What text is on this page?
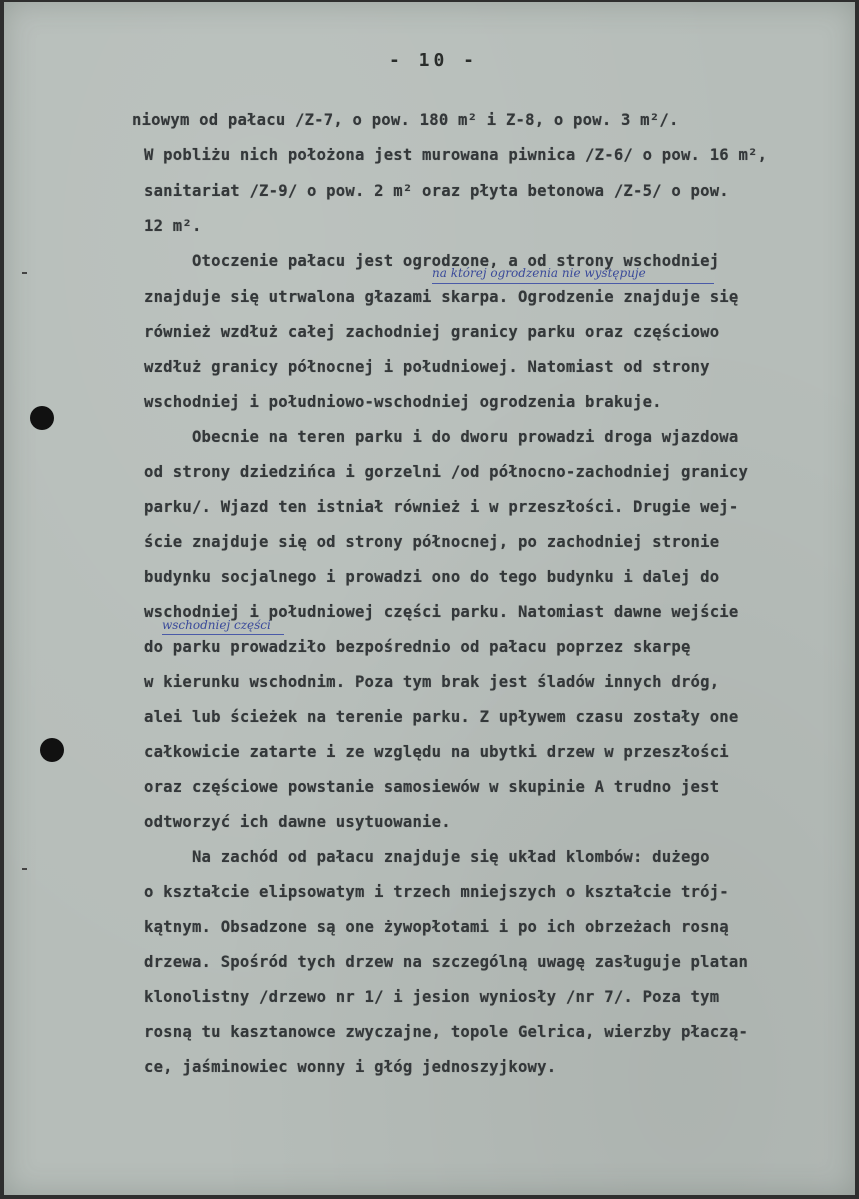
- 10 -
niowym od pałacu /Z-7, o pow. 180 m² i Z-8, o pow. 3 m²/.
W pobliżu nich położona jest murowana piwnica /Z-6/ o pow. 16 m²,
sanitariat /Z-9/ o pow. 2 m² oraz płyta betonowa /Z-5/ o pow.
12 m².
Otoczenie pałacu jest ogrodzone, a od strony wschodniej
na której ogrodzenia nie występuje
znajduje się utrwalona głazami skarpa. Ogrodzenie znajduje się
również wzdłuż całej zachodniej granicy parku oraz częściowo
wzdłuż granicy północnej i południowej. Natomiast od strony
wschodniej i południowo-wschodniej ogrodzenia brakuje.
Obecnie na teren parku i do dworu prowadzi droga wjazdowa
od strony dziedzińca i gorzelni /od północno-zachodniej granicy
parku/. Wjazd ten istniał również i w przeszłości. Drugie wej-
ście znajduje się od strony północnej, po zachodniej stronie
budynku socjalnego i prowadzi ono do tego budynku i dalej do
wschodniej i południowej części parku. Natomiast dawne wejście
wschodniej części
do parku prowadziło bezpośrednio od pałacu poprzez skarpę
w kierunku wschodnim. Poza tym brak jest śladów innych dróg,
alei lub ścieżek na terenie parku. Z upływem czasu zostały one
całkowicie zatarte i ze względu na ubytki drzew w przeszłości
oraz częściowe powstanie samosiewów w skupinie A trudno jest
odtworzyć ich dawne usytuowanie.
Na zachód od pałacu znajduje się układ klombów: dużego
o kształcie elipsowatym i trzech mniejszych o kształcie trój-
kątnym. Obsadzone są one żywopłotami i po ich obrzeżach rosną
drzewa. Spośród tych drzew na szczególną uwagę zasługuje platan
klonolistny /drzewo nr 1/ i jesion wyniosły /nr 7/. Poza tym
rosną tu kasztanowce zwyczajne, topole Gelrica, wierzby płaczą-
ce, jaśminowiec wonny i głóg jednoszyjkowy.
